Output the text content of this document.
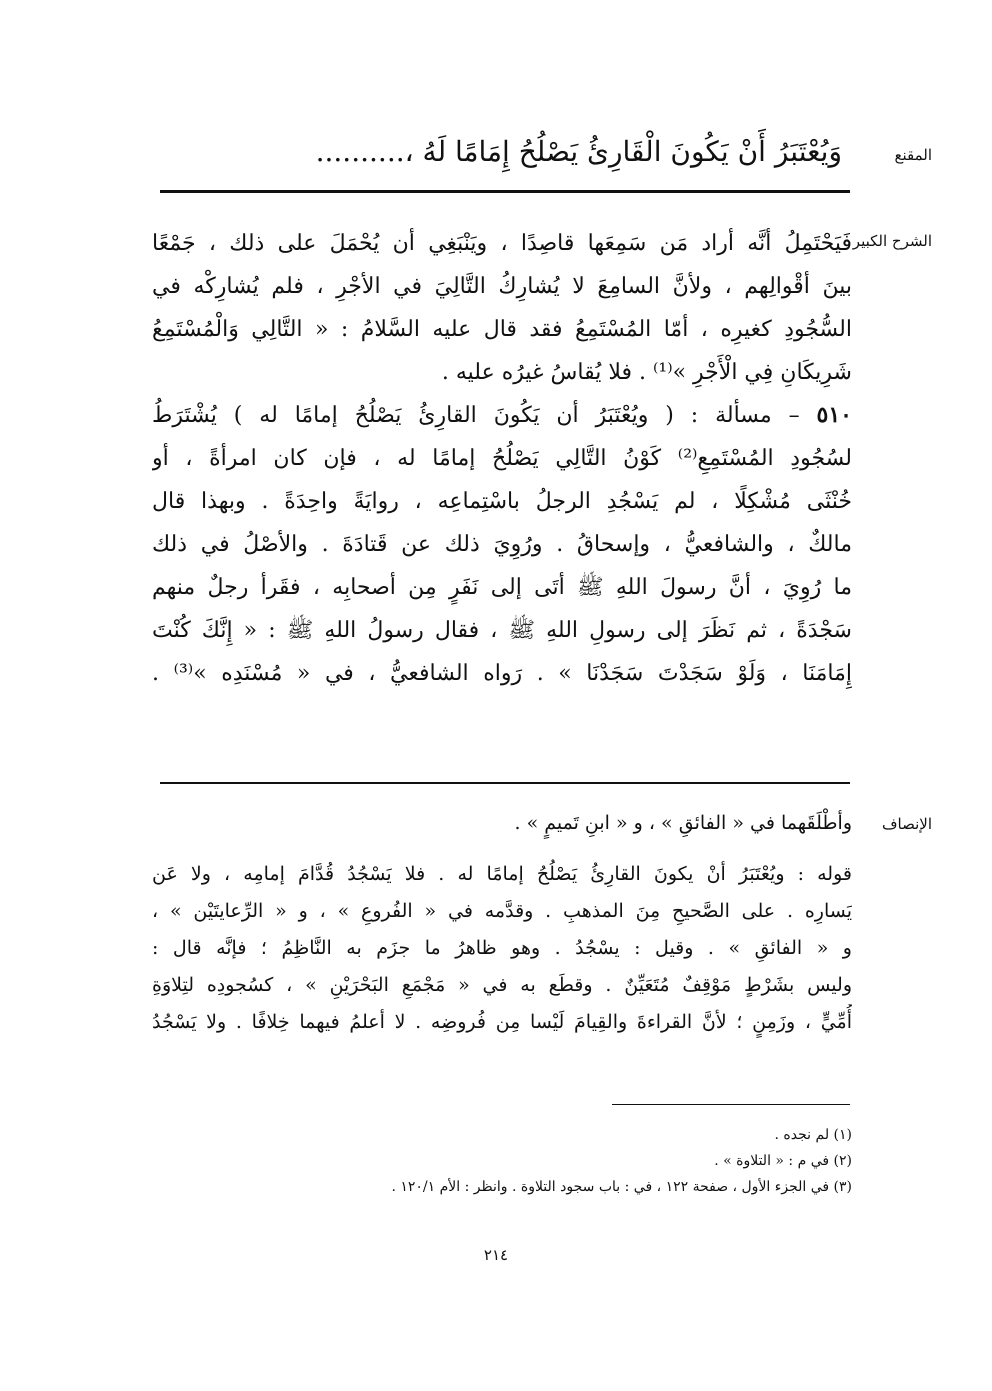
المقنع
وَيُعْتَبَرُ أَنْ يَكُونَ الْقَارِئُ يَصْلُحُ إِمَامًا لَهُ ،..........
الشرح الكبير
فَيَحْتَمِلُ أنَّه أراد مَن سَمِعَها قاصِدًا ، ويَنْبَغِي أن يُحْمَلَ على ذلك ، جَمْعًا
بينَ أقْوالِهم ، ولأنَّ السامِعَ لا يُشارِكُ التَّالِيَ في الأجْرِ ، فلم يُشارِكْه في
السُّجُودِ كغيرِه ، أمّا المُسْتَمِعُ فقد قال عليه السَّلامُ : « التَّالِي وَالْمُسْتَمِعُ
شَرِيكَانِ فِي الْأَجْرِ »⁽¹⁾ . فلا يُقاسُ غيرُه عليه .
٥١٠ – مسألة : ( ويُعْتَبَرُ أن يَكُونَ القارِئُ يَصْلُحُ إمامًا له ) يُشْتَرَطُ
لسُجُودِ المُسْتَمِعِ⁽²⁾ كَوْنُ التَّالِي يَصْلُحُ إمامًا له ، فإن كان امرأةً ، أو
خُنْثَى مُشْكِلًا ، لم يَسْجُدِ الرجلُ باسْتِماعِه ، روايَةً واحِدَةً . وبهذا قال
مالكٌ ، والشافعيُّ ، وإسحاقُ . ورُوِيَ ذلك عن قَتادَةَ . والأصْلُ في ذلك
ما رُوِيَ ، أنَّ رسولَ اللهِ ﷺ أتَى إلى نَفَرٍ مِن أصحابِه ، فقَرأ رجلٌ منهم
سَجْدَةً ، ثم نَظَرَ إلى رسولِ اللهِ ﷺ ، فقال رسولُ اللهِ ﷺ : « إِنَّكَ كُنْتَ
إِمَامَنَا ، وَلَوْ سَجَدْتَ سَجَدْنَا » . رَواه الشافعيُّ ، في « مُسْنَدِه »⁽³⁾ .
الإنصاف
وأطْلَقَهما في « الفائقِ » ، و « ابنِ تَميمٍ » .
قوله : ويُعْتَبَرُ أنْ يكونَ القارِئُ يَصْلُحُ إمامًا له . فلا يَسْجُدُ قُدَّامَ إمامِه ، ولا عَن
يَسارِه . على الصَّحيحِ مِنَ المذهبِ . وقدَّمه في « الفُروعِ » ، و « الرِّعايتَيْن » ،
و « الفائقِ » . وقيل : يسْجُدُ . وهو ظاهرُ ما جزَم به النَّاظِمُ ؛ فإنَّه قال :
وليس بشَرْطٍ مَوْقِفٌ مُتَعَيِّنٌ . وقطَع به في « مَجْمَعِ البَحْرَيْنِ » ، كسُجودِه لتِلاوَةِ
أُمِّيٍّ ، وزَمِنٍ ؛ لأنَّ القراءةَ والقِيامَ لَيْسا مِن فُروضِه . لا أعلمُ فيهما خِلافًا . ولا يَسْجُدُ
(١) لم نجده .
(٢) في م : « التلاوة » .
(٣) في الجزء الأول ، صفحة ١٢٢ ، في : باب سجود التلاوة . وانظر : الأم ١٢٠/١ .
٢١٤
